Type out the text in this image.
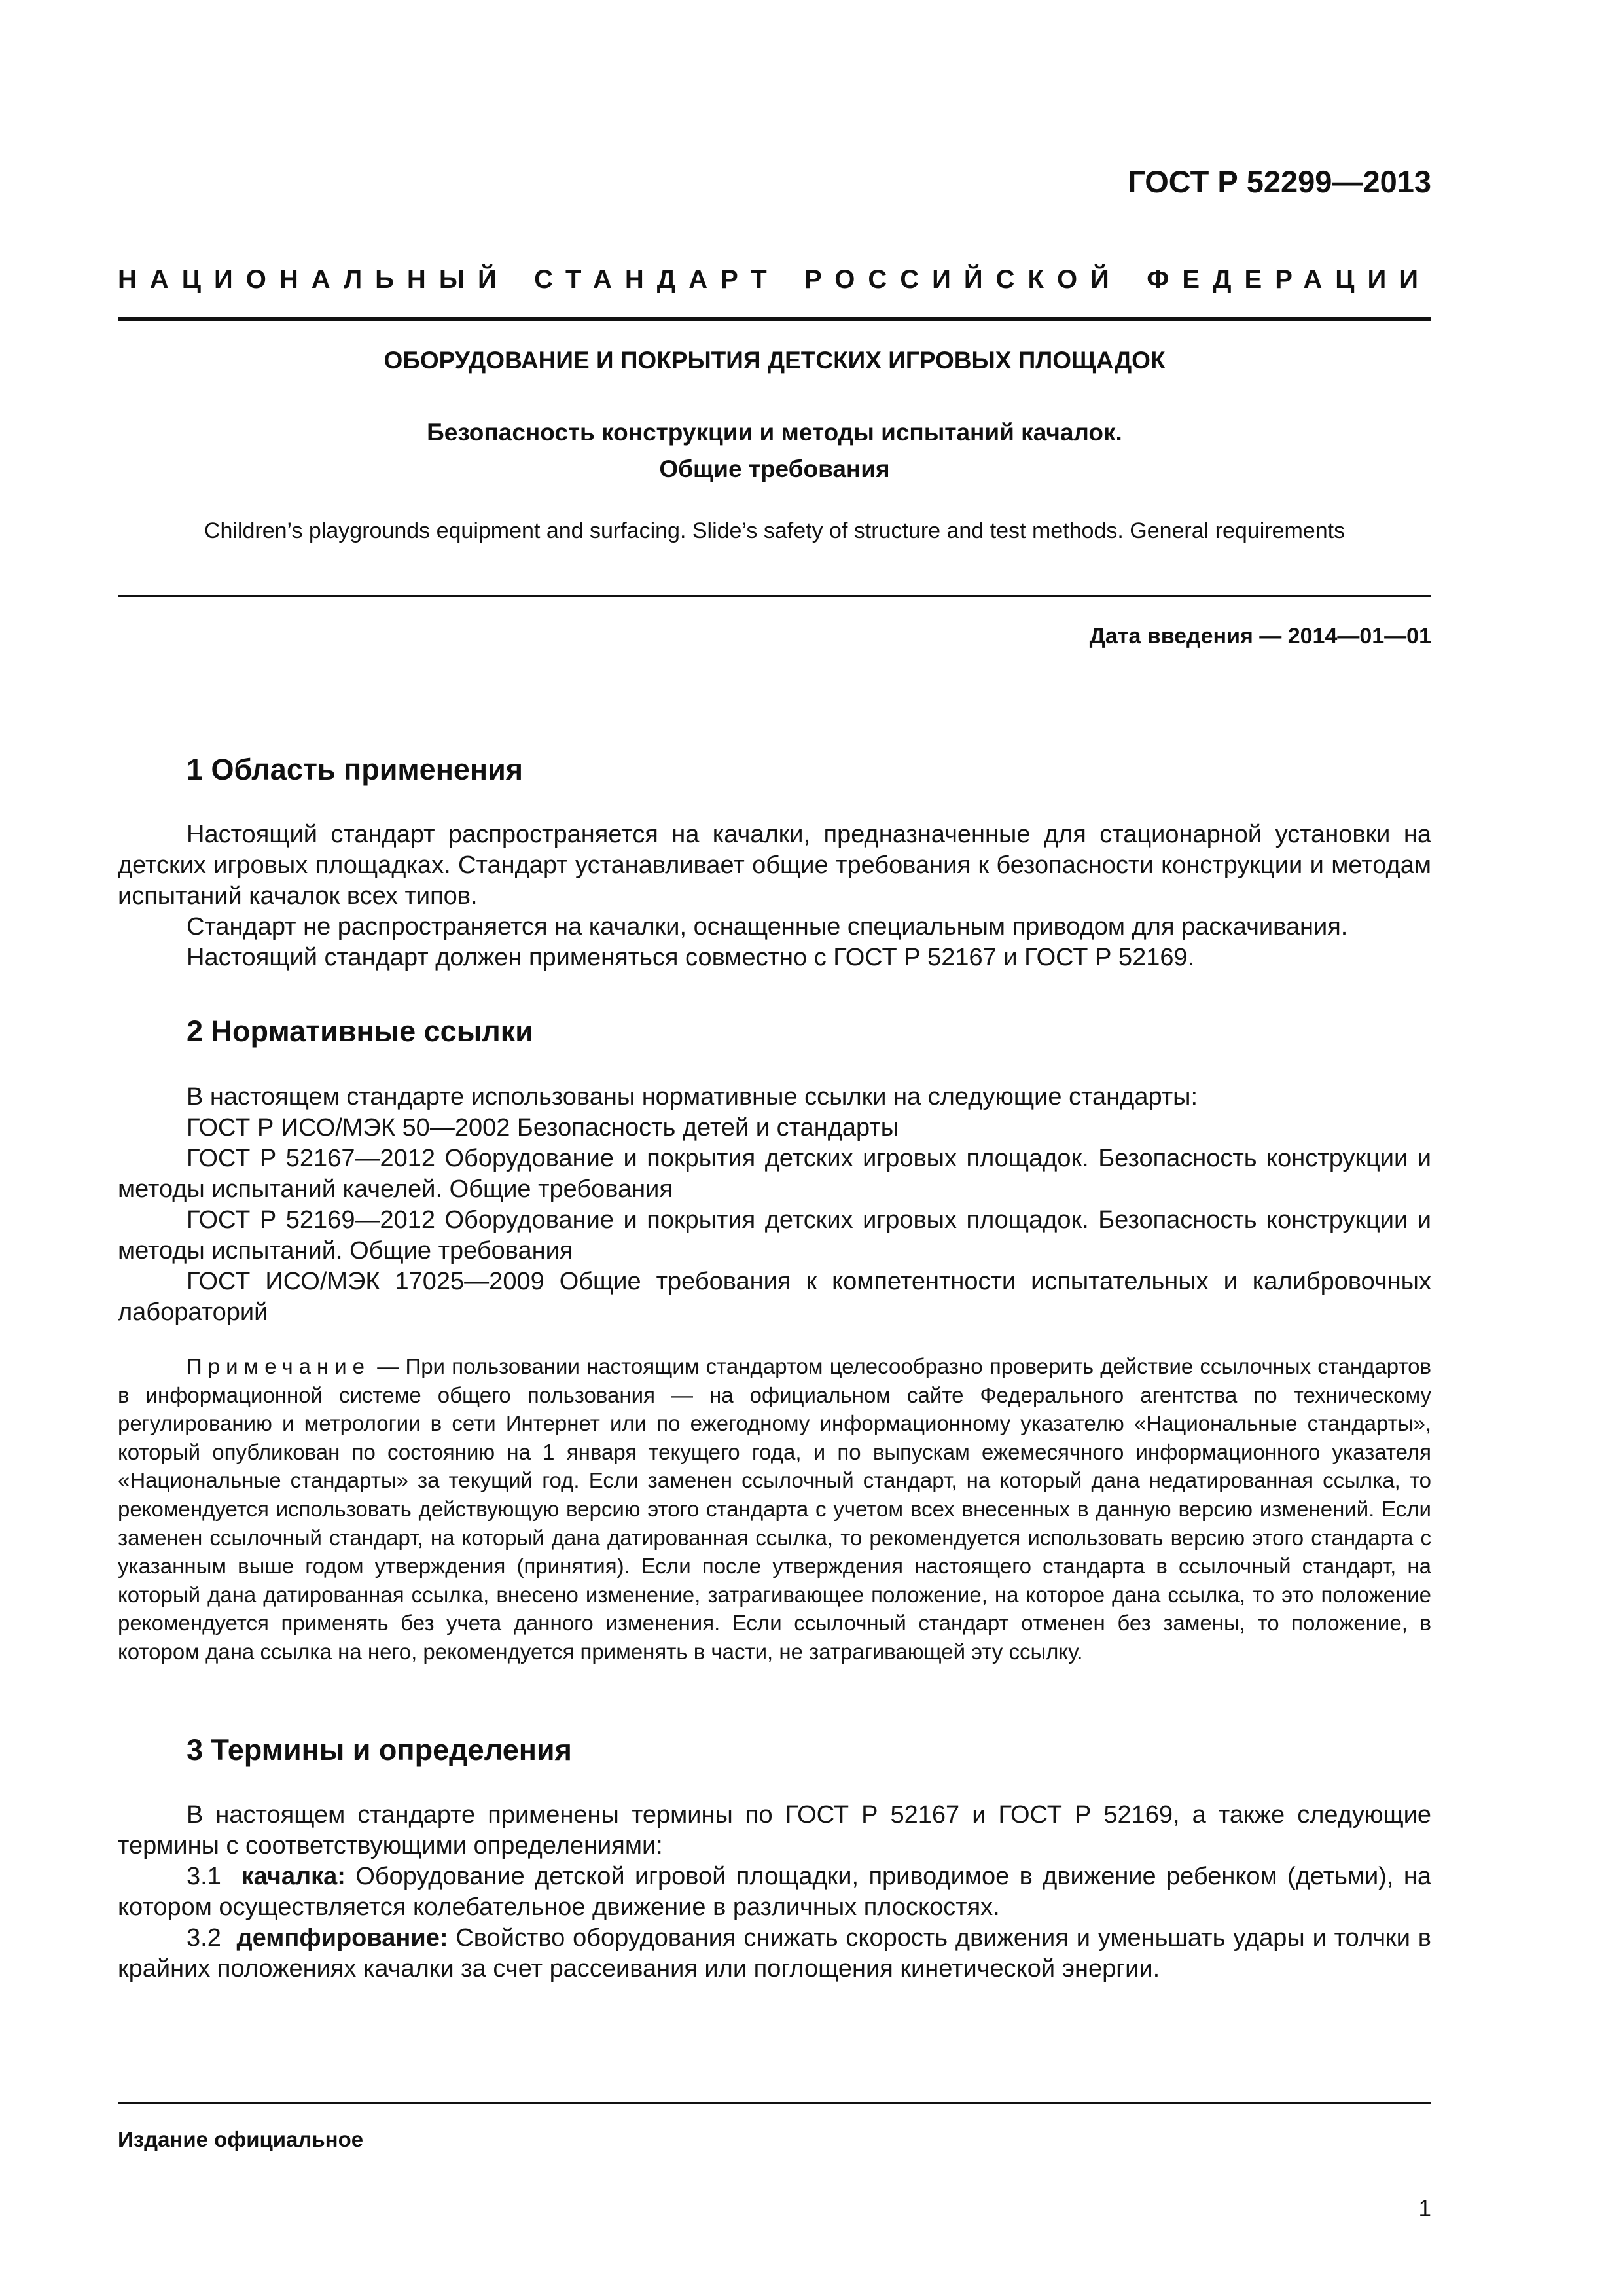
ГОСТ Р 52299—2013
НАЦИОНАЛЬНЫЙ СТАНДАРТ РОССИЙСКОЙ ФЕДЕРАЦИИ
ОБОРУДОВАНИЕ И ПОКРЫТИЯ ДЕТСКИХ ИГРОВЫХ ПЛОЩАДОК
Безопасность конструкции и методы испытаний качалок.
Общие требования
Children’s playgrounds equipment and surfacing. Slide’s safety of structure and test methods. General requirements
Дата введения — 2014—01—01
1 Область применения

Настоящий стандарт распространяется на качалки, предназначенные для стационарной установки на детских игровых площадках. Стандарт устанавливает общие требования к безопасности конструкции и методам испытаний качалок всех типов.

Стандарт не распространяется на качалки, оснащенные специальным приводом для раскачивания.

Настоящий стандарт должен применяться совместно с ГОСТ Р 52167 и ГОСТ Р 52169.

2 Нормативные ссылки

В настоящем стандарте использованы нормативные ссылки на следующие стандарты:

ГОСТ Р ИСО/МЭК 50—2002 Безопасность детей и стандарты

ГОСТ Р 52167—2012 Оборудование и покрытия детских игровых площадок. Безопасность конструкции и методы испытаний качелей. Общие требования

ГОСТ Р 52169—2012 Оборудование и покрытия детских игровых площадок. Безопасность конструкции и методы испытаний. Общие требования

ГОСТ ИСО/МЭК 17025—2009 Общие требования к компетентности испытательных и калибровочных лабораторий

Примечание — При пользовании настоящим стандартом целесообразно проверить действие ссылочных стандартов в информационной системе общего пользования — на официальном сайте Федерального агентства по техническому регулированию и метрологии в сети Интернет или по ежегодному информационному указателю «Национальные стандарты», который опубликован по состоянию на 1 января текущего года, и по выпускам ежемесячного информационного указателя «Национальные стандарты» за текущий год. Если заменен ссылочный стандарт, на который дана недатированная ссылка, то рекомендуется использовать действующую версию этого стандарта с учетом всех внесенных в данную версию изменений. Если заменен ссылочный стандарт, на который дана датированная ссылка, то рекомендуется использовать версию этого стандарта с указанным выше годом утверждения (принятия). Если после утверждения настоящего стандарта в ссылочный стандарт, на который дана датированная ссылка, внесено изменение, затрагивающее положение, на которое дана ссылка, то это положение рекомендуется применять без учета данного изменения. Если ссылочный стандарт отменен без замены, то положение, в котором дана ссылка на него, рекомендуется применять в части, не затрагивающей эту ссылку.

3 Термины и определения

В настоящем стандарте применены термины по ГОСТ Р 52167 и ГОСТ Р 52169, а также следующие термины с соответствующими определениями:

3.1 качалка: Оборудование детской игровой площадки, приводимое в движение ребенком (детьми), на котором осуществляется колебательное движение в различных плоскостях.

3.2 демпфирование: Свойство оборудования снижать скорость движения и уменьшать удары и толчки в крайних положениях качалки за счет рассеивания или поглощения кинетической энергии.

Издание официальное
1
